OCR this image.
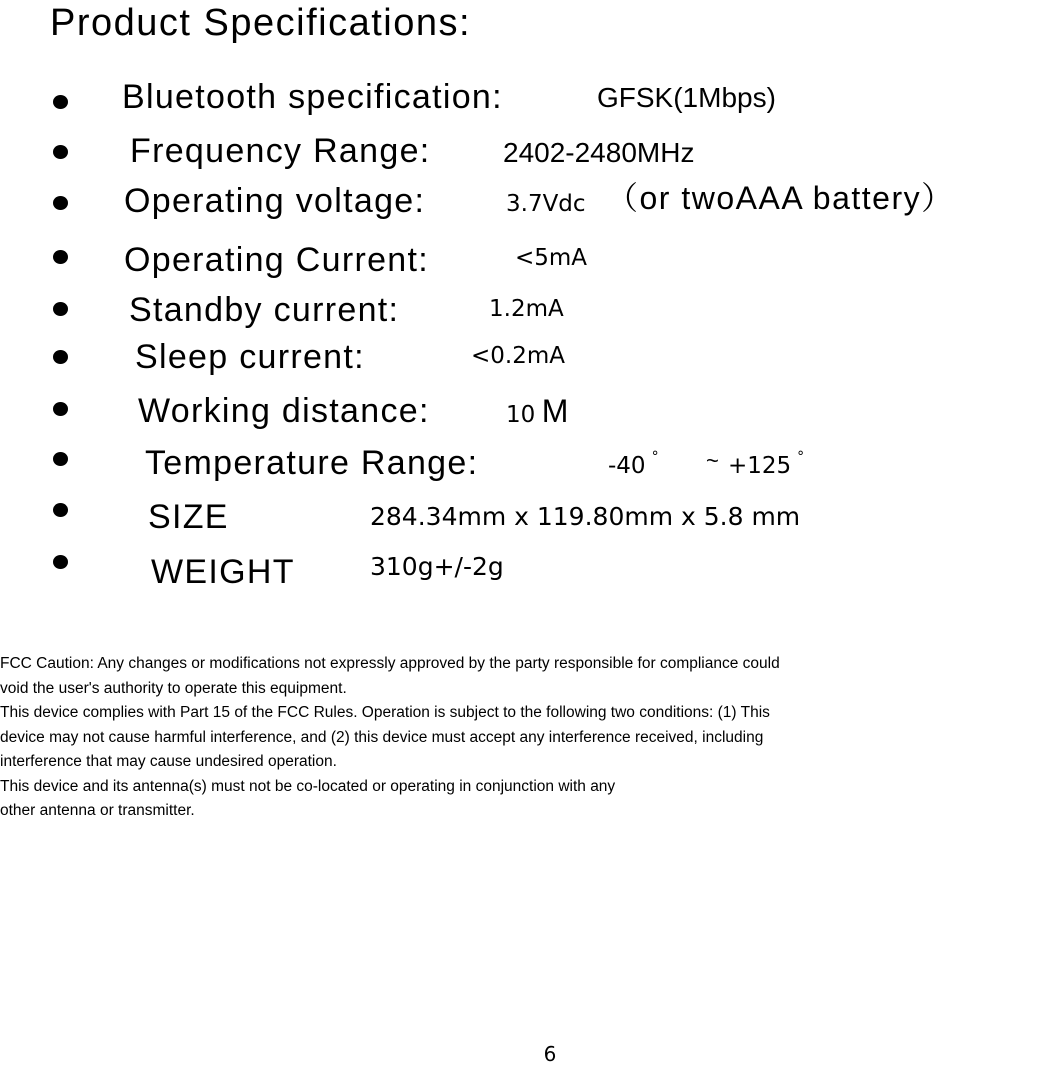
Product Specifications:
Bluetooth specification:	GFSK(1Mbps)
Frequency Range:	2402-2480MHz
Operating voltage:	3.7Vdc （or twoAAA battery）
Operating Current:	<5mA
Standby current:	1.2mA
Sleep current:	<0.2mA
Working distance:	10 M
Temperature Range:	-40 ° ~ +125 °
SIZE	284.34mm x 119.80mm x 5.8 mm
WEIGHT	310g+/-2g
FCC Caution: Any changes or modifications not expressly approved by the party responsible for compliance could
void the user's authority to operate this equipment.
This device complies with Part 15 of the FCC Rules. Operation is subject to the following two conditions: (1) This
device may not cause harmful interference, and (2) this device must accept any interference received, including
interference that may cause undesired operation.
This device and its antenna(s) must not be co-located or operating in conjunction with any
other antenna or transmitter.
6
